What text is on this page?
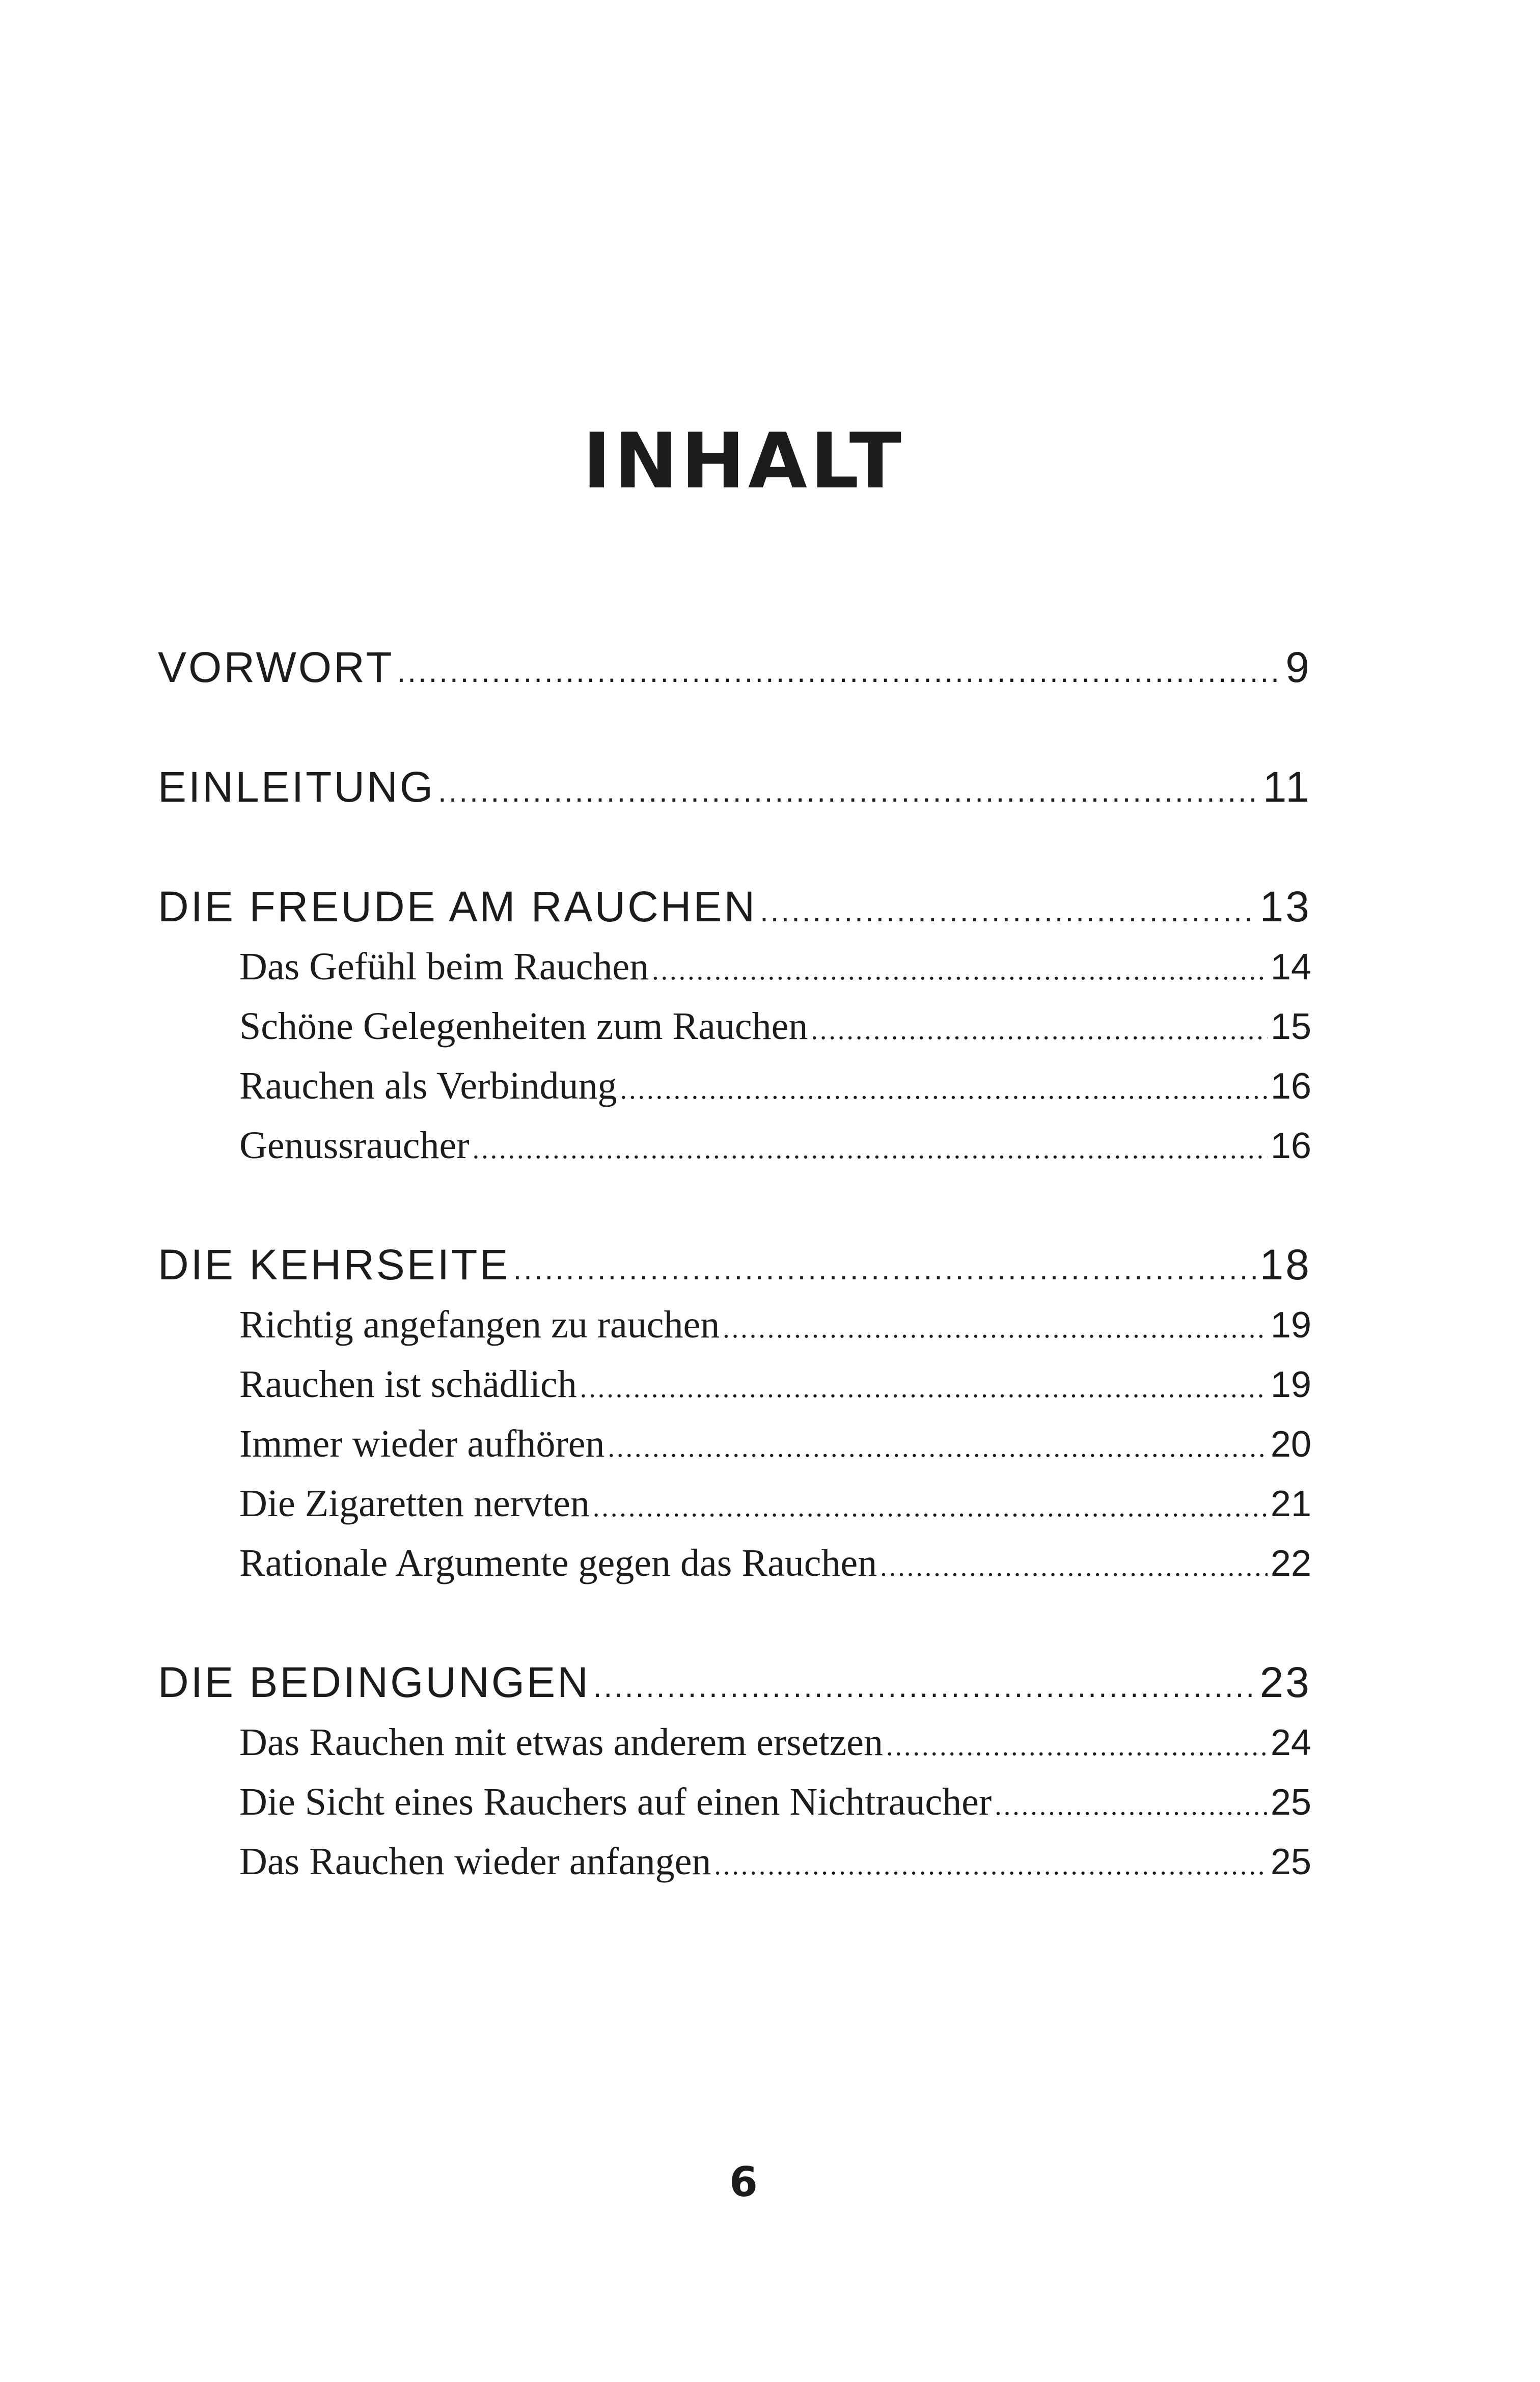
INHALT
VORWORT .....	9
EINLEITUNG .....	11
DIE FREUDE AM RAUCHEN .....	13
Das Gefühl beim Rauchen .....	14
Schöne Gelegenheiten zum Rauchen .....	15
Rauchen als Verbindung .....	16
Genussraucher .....	16
DIE KEHRSEITE .....	18
Richtig angefangen zu rauchen .....	19
Rauchen ist schädlich .....	19
Immer wieder aufhören .....	20
Die Zigaretten nervten .....	21
Rationale Argumente gegen das Rauchen .....	22
DIE BEDINGUNGEN .....	23
Das Rauchen mit etwas anderem ersetzen .....	24
Die Sicht eines Rauchers auf einen Nichtraucher .....	25
Das Rauchen wieder anfangen .....	25
6
